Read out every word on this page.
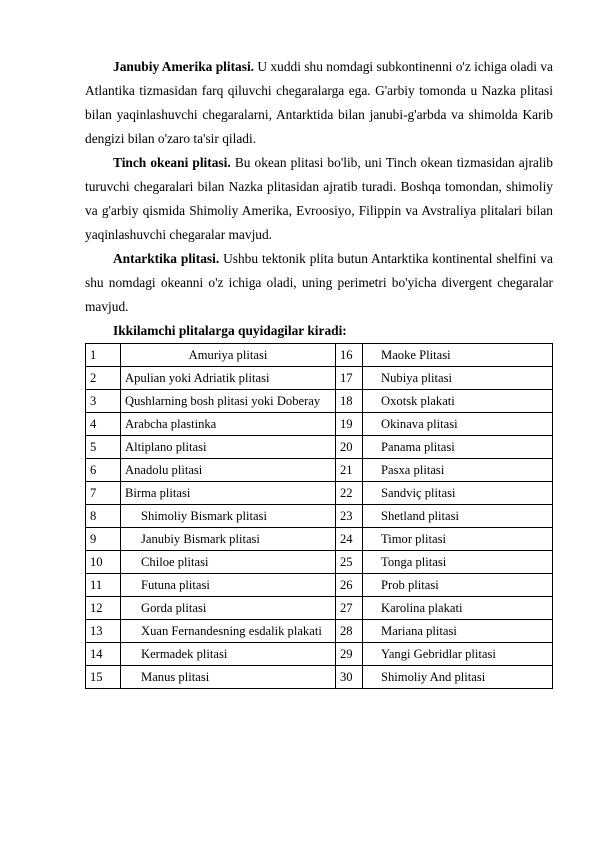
Janubiy Amerika plitasi. U xuddi shu nomdagi subkontinenni o'z ichiga oladi va Atlantika tizmasidan farq qiluvchi chegaralarga ega. G'arbiy tomonda u Nazka plitasi bilan yaqinlashuvchi chegaralarni, Antarktida bilan janubi-g'arbda va shimolda Karib dengizi bilan o'zaro ta'sir qiladi.

Tinch okeani plitasi. Bu okean plitasi bo'lib, uni Tinch okean tizmasidan ajralib turuvchi chegaralari bilan Nazka plitasidan ajratib turadi. Boshqa tomondan, shimoliy va g'arbiy qismida Shimoliy Amerika, Evroosiyo, Filippin va Avstraliya plitalari bilan yaqinlashuvchi chegaralar mavjud.

Antarktika plitasi. Ushbu tektonik plita butun Antarktika kontinental shelfini va shu nomdagi okeanni o'z ichiga oladi, uning perimetri bo'yicha divergent chegaralar mavjud.

Ikkilamchi plitalarga quyidagilar kiradi:

1	Amuriya plitasi	16	Maoke Plitasi
2	Apulian yoki Adriatik plitasi	17	Nubiya plitasi
3	Qushlarning bosh plitasi yoki Doberay	18	Oxotsk plakati
4	Arabcha plastinka	19	Okinava plitasi
5	Altiplano plitasi	20	Panama plitasi
6	Anadolu plitasi	21	Pasxa plitasi
7	Birma plitasi	22	Sandviç plitasi
8	Shimoliy Bismark plitasi	23	Shetland plitasi
9	Janubiy Bismark plitasi	24	Timor plitasi
10	Chiloe plitasi	25	Tonga plitasi
11	Futuna plitasi	26	Prob plitasi
12	Gorda plitasi	27	Karolina plakati
13	Xuan Fernandesning esdalik plakati	28	Mariana plitasi
14	Kermadek plitasi	29	Yangi Gebridlar plitasi
15	Manus plitasi	30	Shimoliy And plitasi
